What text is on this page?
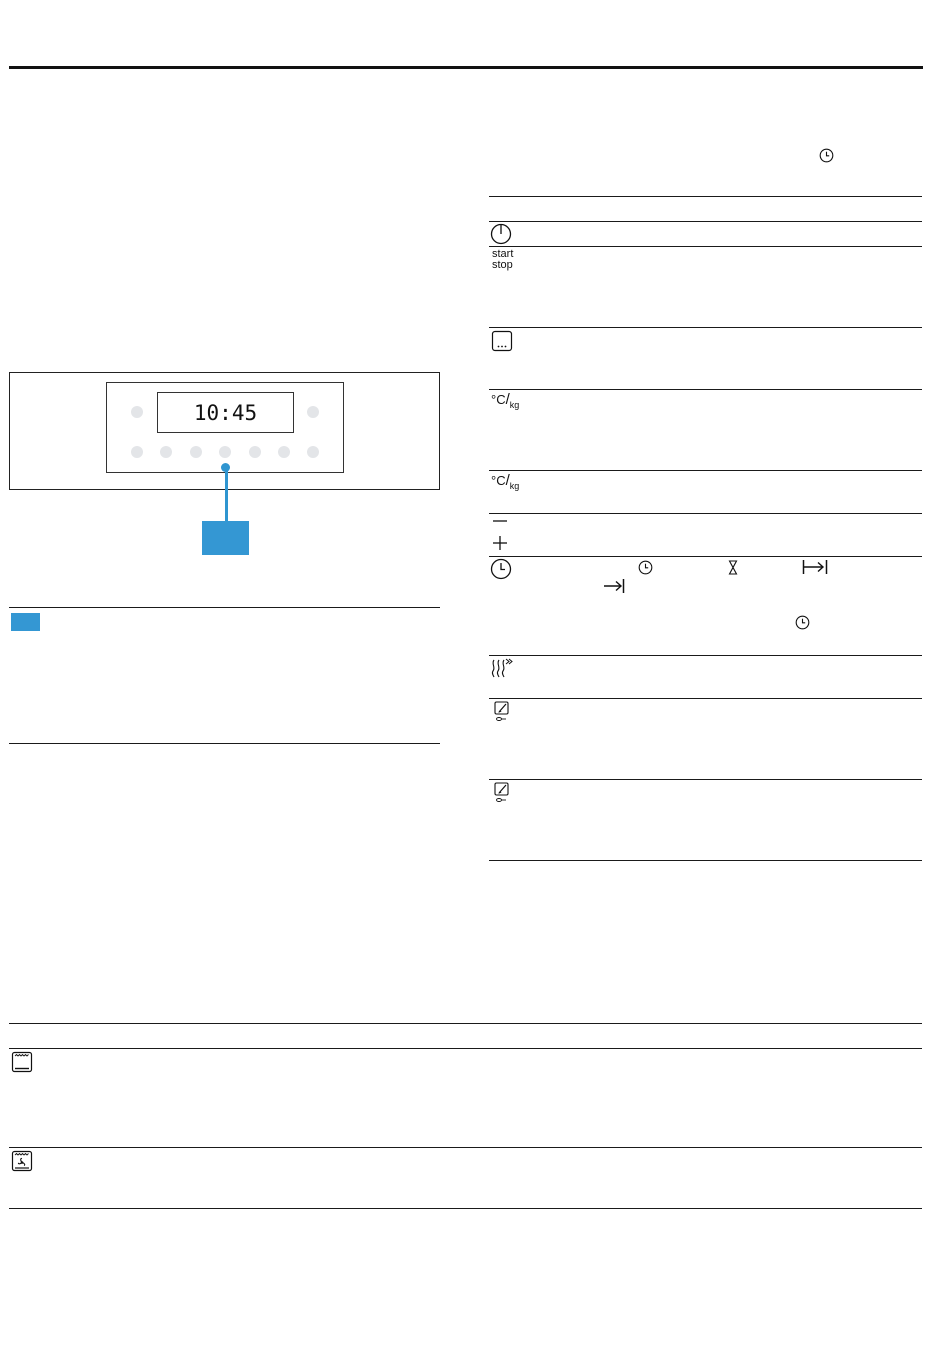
10:45
start
stop
$^\circ C/_{kg}$
$^\circ C/_{kg}$
